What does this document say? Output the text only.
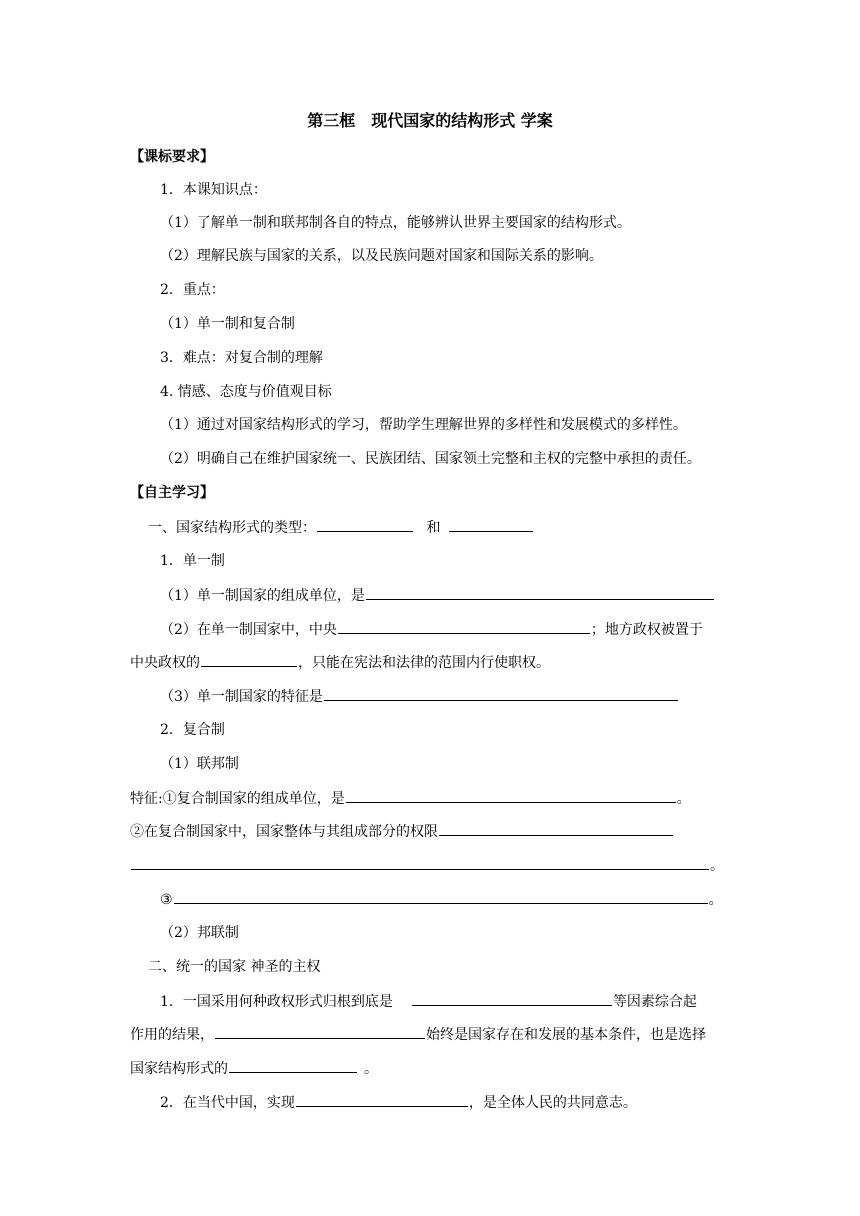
第三框　现代国家的结构形式 学案
【课标要求】
1．本课知识点：
（1）了解单一制和联邦制各自的特点，能够辨认世界主要国家的结构形式。
（2）理解民族与国家的关系，以及民族问题对国家和国际关系的影响。
2．重点：
（1）单一制和复合制
3．难点：对复合制的理解
4. 情感、态度与价值观目标
（1）通过对国家结构形式的学习，帮助学生理解世界的多样性和发展模式的多样性。
（2）明确自己在维护国家统一、民族团结、国家领土完整和主权的完整中承担的责任。
【自主学习】
一、国家结构形式的类型：	和
1．单一制
（1）单一制国家的组成单位，是
（2）在单一制国家中，中央	；地方政权被置于
中央政权的	，只能在宪法和法律的范围内行使职权。
（3）单一制国家的特征是
2．复合制
（1）联邦制
特征:①复合制国家的组成单位，是	。
②在复合制国家中，国家整体与其组成部分的权限
。
③	。
（2）邦联制
二、统一的国家 神圣的主权
1．一国采用何种政权形式归根到底是	等因素综合起
作用的结果，	始终是国家存在和发展的基本条件，也是选择
国家结构形式的	。
2．在当代中国，实现	，是全体人民的共同意志。
